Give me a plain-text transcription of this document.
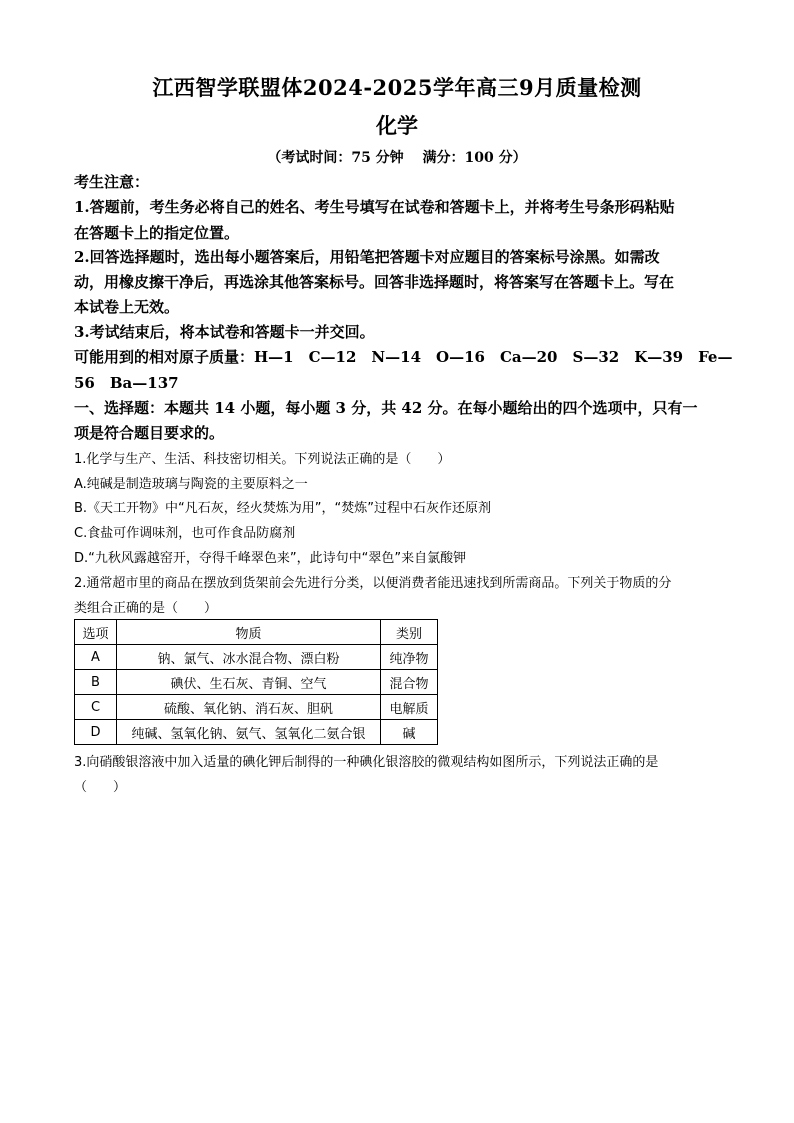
江西智学联盟体2024-2025学年高三9月质量检测
化学
（考试时间：75 分钟　 满分：100 分）
考生注意：
1.答题前，考生务必将自己的姓名、考生号填写在试卷和答题卡上，并将考生号条形码粘贴
在答题卡上的指定位置。
2.回答选择题时，选出每小题答案后，用铅笔把答题卡对应题目的答案标号涂黑。如需改
动，用橡皮擦干净后，再选涂其他答案标号。回答非选择题时，将答案写在答题卡上。写在
本试卷上无效。
3.考试结束后，将本试卷和答题卡一并交回。
可能用到的相对原子质量：H—1　C—12　N—14　O—16　Ca—20　S—32　K—39　Fe—
56　Ba—137
一、选择题：本题共 14 小题，每小题 3 分，共 42 分。在每小题给出的四个选项中，只有一
项是符合题目要求的。
1.化学与生产、生活、科技密切相关。下列说法正确的是（　　）
A.纯碱是制造玻璃与陶瓷的主要原料之一
B.《天工开物》中“凡石灰，经火焚炼为用”，“焚炼”过程中石灰作还原剂
C.食盐可作调味剂，也可作食品防腐剂
D.“九秋风露越窑开，夺得千峰翠色来”，此诗句中“翠色”来自氯酸钾
2.通常超市里的商品在摆放到货架前会先进行分类，以便消费者能迅速找到所需商品。下列关于物质的分
类组合正确的是（　　）
选项	物质	类别
A	钠、氯气、冰水混合物、漂白粉	纯净物
B	碘伏、生石灰、青铜、空气	混合物
C	硫酸、氧化钠、消石灰、胆矾	电解质
D	纯碱、氢氧化钠、氨气、氢氧化二氨合银	碱
3.向硝酸银溶液中加入适量的碘化钾后制得的一种碘化银溶胶的微观结构如图所示，下列说法正确的是
（　　）
